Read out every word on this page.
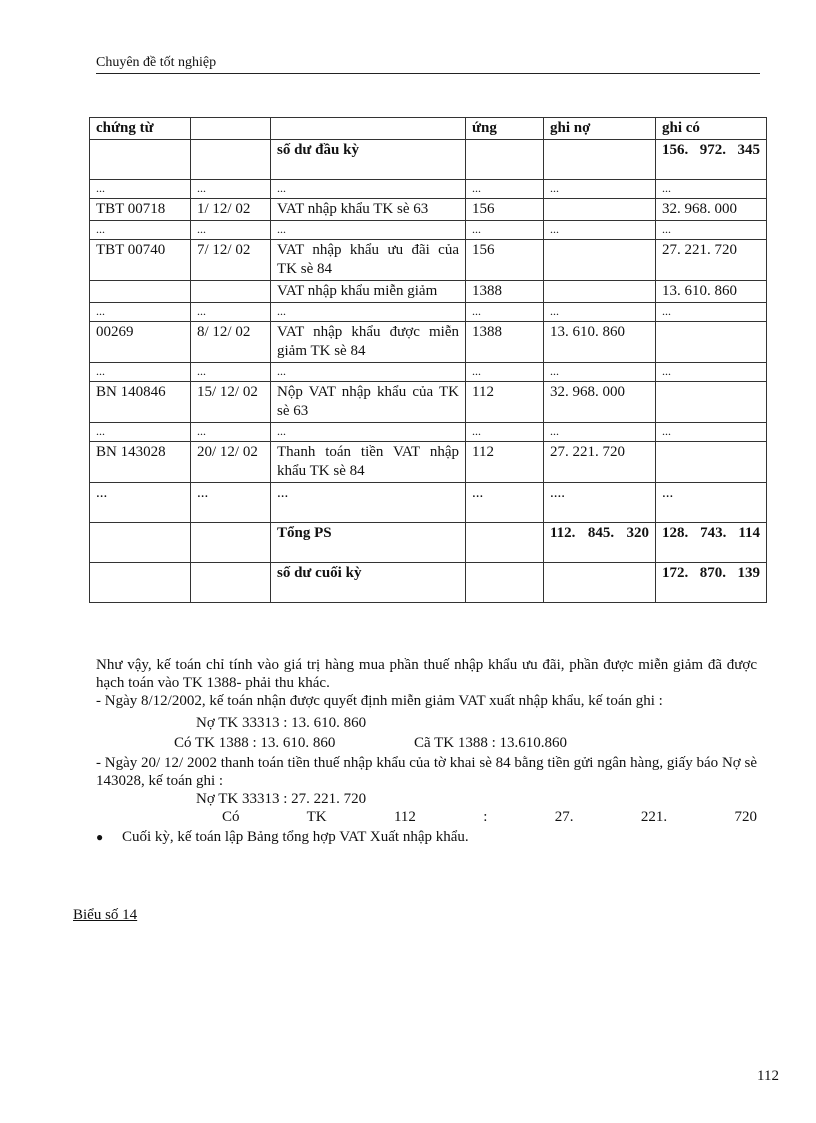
Chuyên đề tốt nghiệp
chứng từ			ứng	ghi nợ	ghi có
		số dư đầu kỳ			156. 972. 345
...	...	...	...	...	...
TBT 00718	1/ 12/ 02	VAT nhập khẩu TK sè 63	156		32. 968. 000
...	...	...	...	...	...
TBT 00740	7/ 12/ 02	VAT nhập khẩu ưu đãi của TK sè 84	156		27. 221. 720
		VAT nhập khẩu miễn giảm	1388		13. 610. 860
...	...	...	...	...	...
00269	8/ 12/ 02	VAT nhập khẩu được miễn giảm TK sè 84	1388	13. 610. 860	
...	...	...	...	...	...
BN 140846	15/ 12/ 02	Nộp VAT nhập khẩu của TK sè 63	112	32. 968. 000	
...	...	...	...	...	...
BN 143028	20/ 12/ 02	Thanh toán tiền VAT nhập khẩu TK sè 84	112	27. 221. 720	
...	...	...	...	....	...
		Tổng PS		112. 845. 320	128. 743. 114
		số dư cuối kỳ			172. 870. 139

Như vậy, kế toán chỉ tính vào giá trị hàng mua phần thuế nhập khẩu ưu đãi, phần được miễn giảm đã được hạch toán vào TK 1388- phải thu khác.

- Ngày 8/12/2002, kế toán nhận được quyết định miễn giảm VAT xuất nhập khẩu, kế toán ghi :

Nợ TK 33313 : 13. 610. 860

Có TK 1388 : 13. 610. 860	Cã TK 1388 : 13.610.860

- Ngày 20/ 12/ 2002 thanh toán tiền thuế nhập khẩu của tờ khai sè 84 bằng tiền gửi ngân hàng, giấy báo Nợ sè 143028, kế toán ghi :

Nợ TK 33313 : 27. 221. 720

Có     TK     112     :     27.     221.     720

●	Cuối kỳ, kế toán lập Bảng tổng hợp VAT Xuất nhập khẩu.
Biểu số 14
112
